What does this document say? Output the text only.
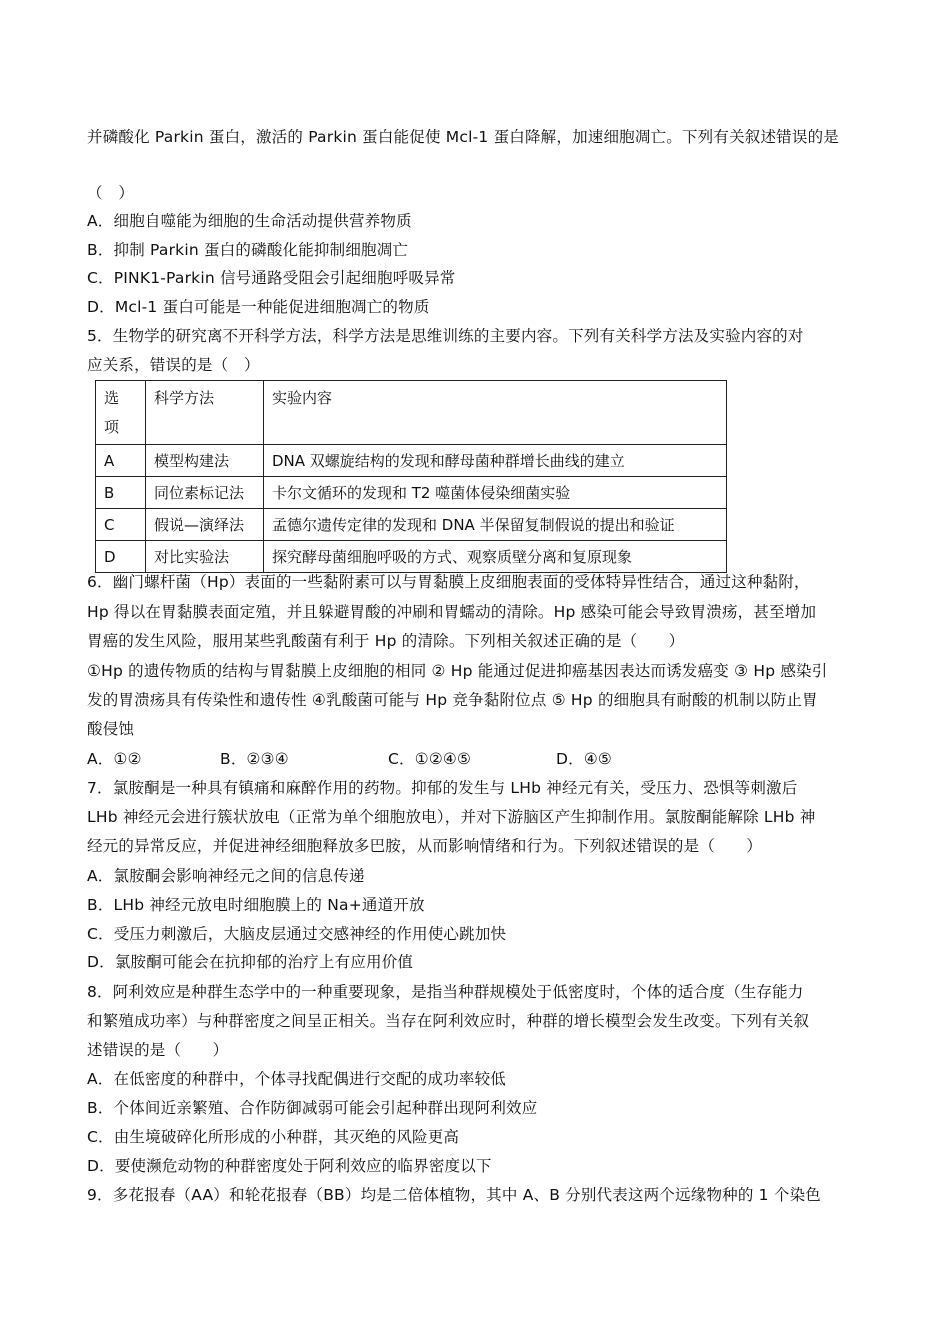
并磷酸化 Parkin 蛋白，激活的 Parkin 蛋白能促使 Mcl-1 蛋白降解，加速细胞凋亡。下列有关叙述错误的是
（　）
A．细胞自噬能为细胞的生命活动提供营养物质
B．抑制 Parkin 蛋白的磷酸化能抑制细胞凋亡
C．PINK1-Parkin 信号通路受阻会引起细胞呼吸异常
D．Mcl-1 蛋白可能是一种能促进细胞凋亡的物质
5．生物学的研究离不开科学方法，科学方法是思维训练的主要内容。下列有关科学方法及实验内容的对
应关系，错误的是（　）
选
项	科学方法	实验内容
A	模型构建法	DNA 双螺旋结构的发现和酵母菌种群增长曲线的建立
B	同位素标记法	卡尔文循环的发现和 T2 噬菌体侵染细菌实验
C	假说—演绎法	孟德尔遗传定律的发现和 DNA 半保留复制假说的提出和验证
D	对比实验法	探究酵母菌细胞呼吸的方式、观察质壁分离和复原现象
6．幽门螺杆菌（Hp）表面的一些黏附素可以与胃黏膜上皮细胞表面的受体特异性结合，通过这种黏附，
Hp 得以在胃黏膜表面定殖，并且躲避胃酸的冲刷和胃蠕动的清除。Hp 感染可能会导致胃溃疡，甚至增加
胃癌的发生风险，服用某些乳酸菌有利于 Hp 的清除。下列相关叙述正确的是（　　）
①Hp 的遗传物质的结构与胃黏膜上皮细胞的相同 ② Hp 能通过促进抑癌基因表达而诱发癌变 ③ Hp 感染引
发的胃溃疡具有传染性和遗传性 ④乳酸菌可能与 Hp 竞争黏附位点 ⑤ Hp 的细胞具有耐酸的机制以防止胃
酸侵蚀
A．①②	B．②③④	C．①②④⑤	D．④⑤
7．氯胺酮是一种具有镇痛和麻醉作用的药物。抑郁的发生与 LHb 神经元有关，受压力、恐惧等刺激后
LHb 神经元会进行簇状放电（正常为单个细胞放电），并对下游脑区产生抑制作用。氯胺酮能解除 LHb 神
经元的异常反应，并促进神经细胞释放多巴胺，从而影响情绪和行为。下列叙述错误的是（　　）
A．氯胺酮会影响神经元之间的信息传递
B．LHb 神经元放电时细胞膜上的 Na+通道开放
C．受压力刺激后，大脑皮层通过交感神经的作用使心跳加快
D．氯胺酮可能会在抗抑郁的治疗上有应用价值
8．阿利效应是种群生态学中的一种重要现象，是指当种群规模处于低密度时，个体的适合度（生存能力
和繁殖成功率）与种群密度之间呈正相关。当存在阿利效应时，种群的增长模型会发生改变。下列有关叙
述错误的是（　　）
A．在低密度的种群中，个体寻找配偶进行交配的成功率较低
B．个体间近亲繁殖、合作防御减弱可能会引起种群出现阿利效应
C．由生境破碎化所形成的小种群，其灭绝的风险更高
D．要使濒危动物的种群密度处于阿利效应的临界密度以下
9．多花报春（AA）和轮花报春（BB）均是二倍体植物，其中 A、B 分别代表这两个远缘物种的 1 个染色
